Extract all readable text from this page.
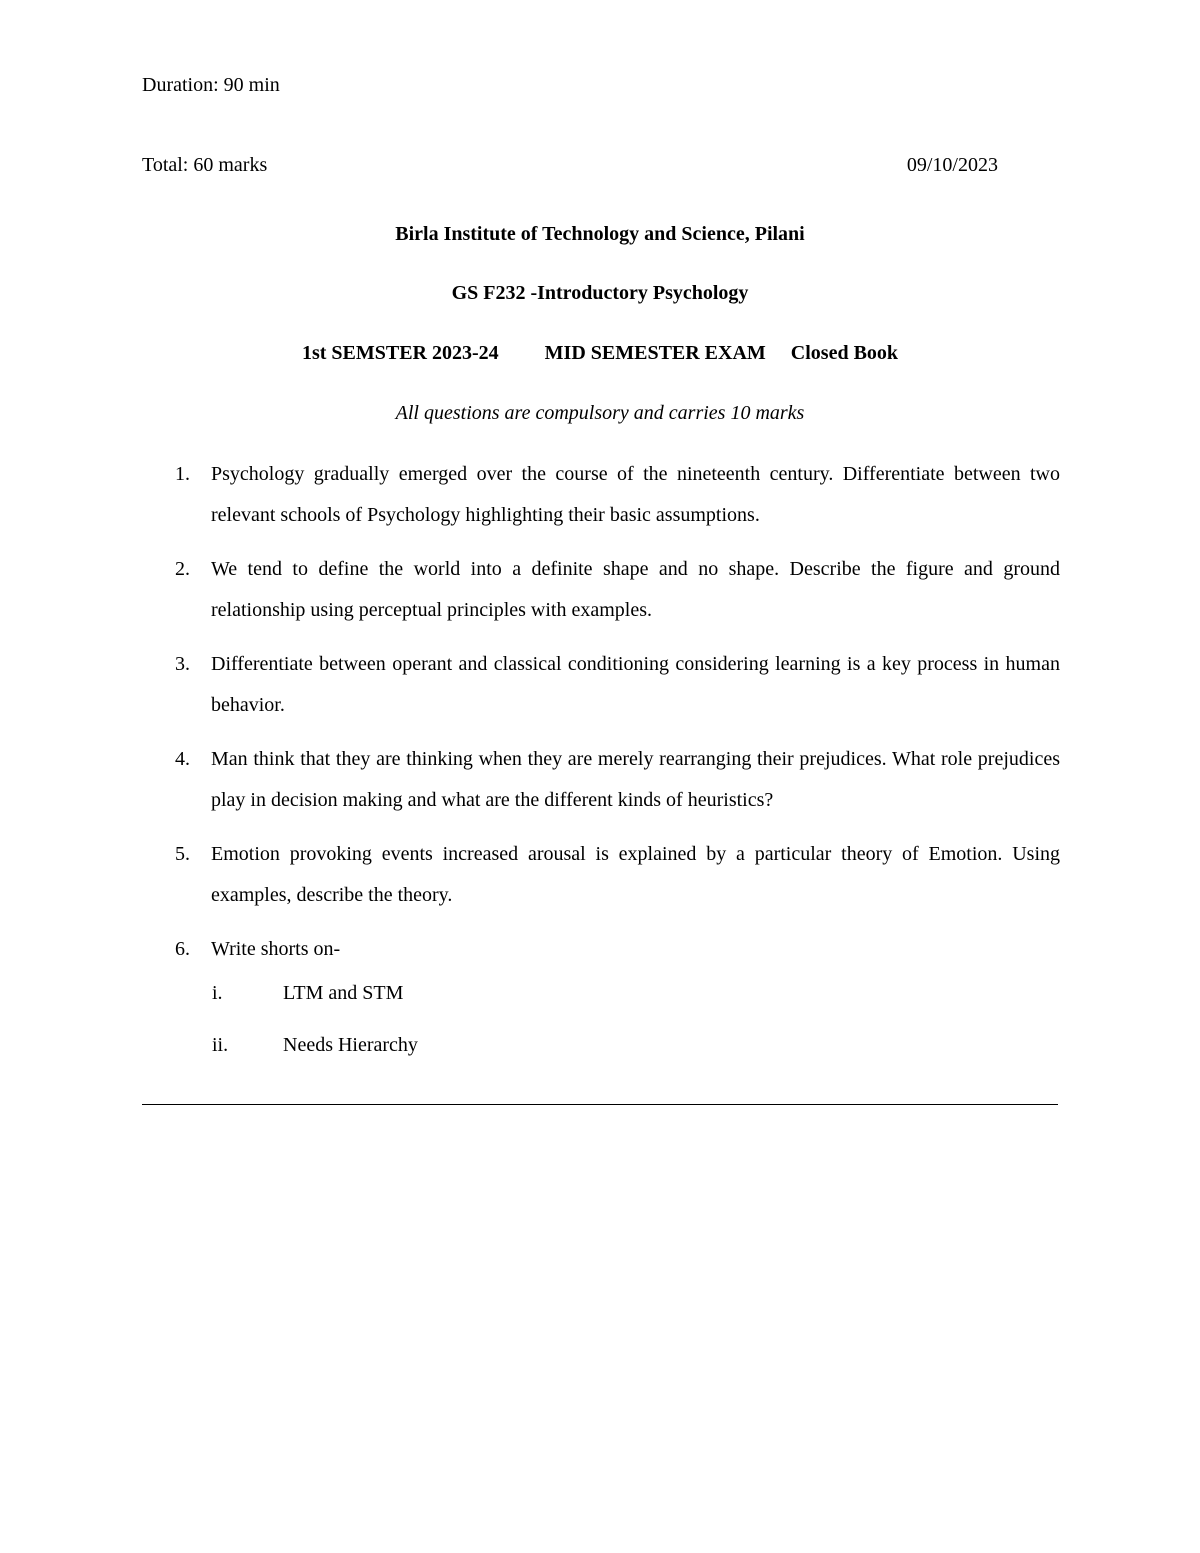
Duration: 90 min
Total: 60 marks	09/10/2023
Birla Institute of Technology and Science, Pilani
GS F232 -Introductory Psychology
1st SEMSTER 2023-24 MID SEMESTER EXAM Closed Book
All questions are compulsory and carries 10 marks
1.	Psychology gradually emerged over the course of the nineteenth century. Differentiate between two relevant schools of Psychology highlighting their basic assumptions.
2.	We tend to define the world into a definite shape and no shape. Describe the figure and ground relationship using perceptual principles with examples.
3.	Differentiate between operant and classical conditioning considering learning is a key process in human behavior.
4.	Man think that they are thinking when they are merely rearranging their prejudices. What role prejudices play in decision making and what are the different kinds of heuristics?
5.	Emotion provoking events increased arousal is explained by a particular theory of Emotion. Using examples, describe the theory.
6.	Write shorts on-
i.	LTM and STM
ii.	Needs Hierarchy
